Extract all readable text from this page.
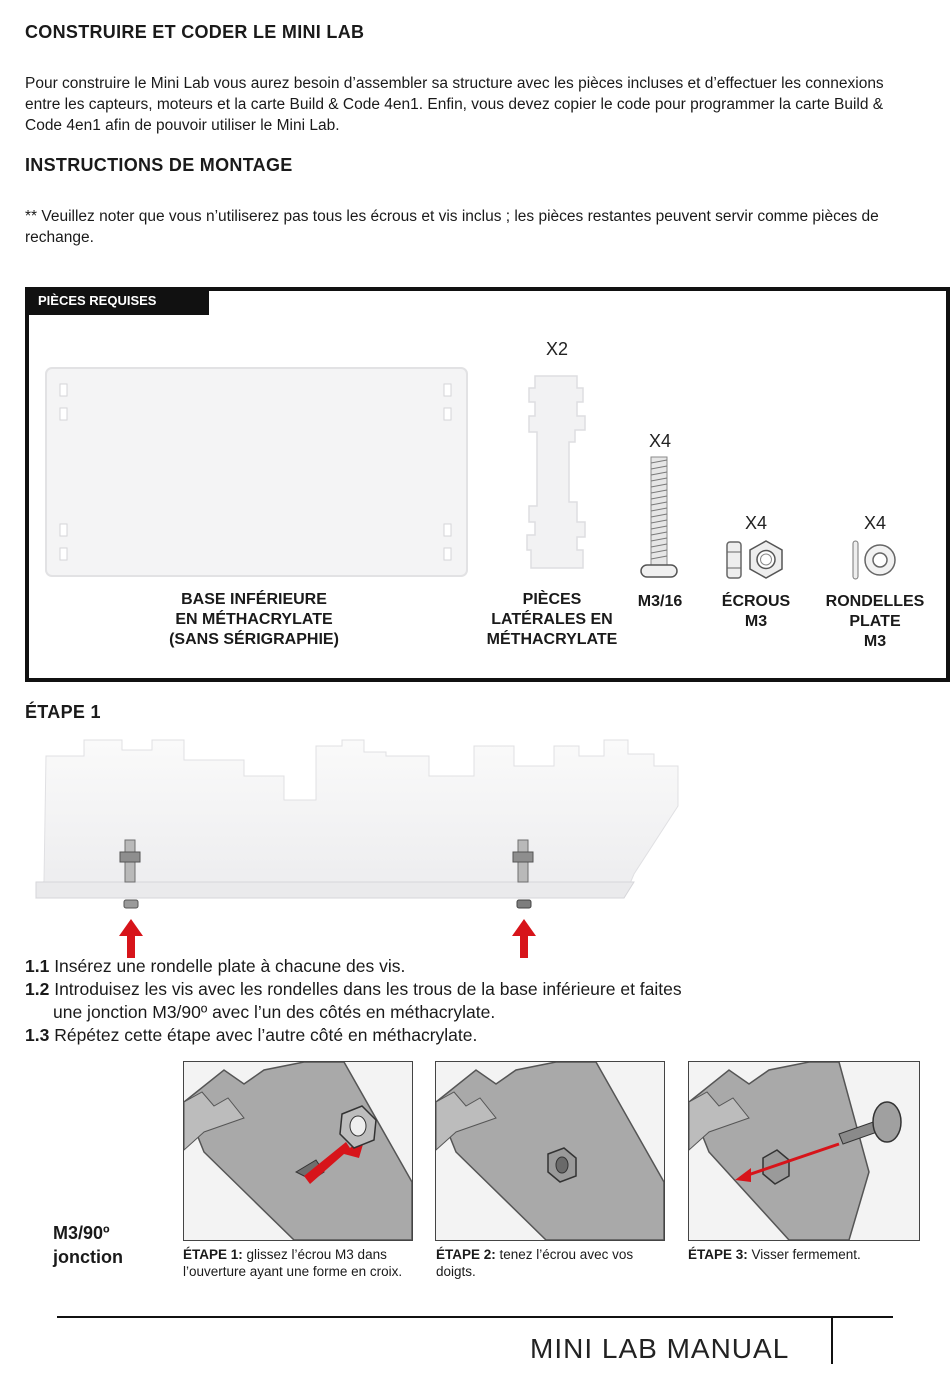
CONSTRUIRE ET CODER LE MINI LAB
Pour construire le Mini Lab vous aurez besoin d’assembler sa structure avec les pièces incluses et d’effectuer les connexions entre les capteurs, moteurs et la carte Build & Code 4en1. Enfin, vous devez copier le code pour programmer la carte Build & Code 4en1 afin de pouvoir utiliser le Mini Lab.
INSTRUCTIONS DE MONTAGE
** Veuillez noter que vous n’utiliserez pas tous les écrous et vis inclus ; les pièces restantes peuvent servir comme pièces de rechange.
PIÈCES REQUISES
BASE INFÉRIEURE
EN MÉTHACRYLATE
(SANS SÉRIGRAPHIE)
X2
PIÈCES
LATÉRALES EN
MÉTHACRYLATE
X4
M3/16
X4
ÉCROUS
M3
X4
RONDELLES
PLATE
M3
ÉTAPE 1
1.1 Insérez une rondelle plate à chacune des vis.
1.2 Introduisez les vis avec les rondelles dans les trous de la base inférieure et faites
une jonction M3/90º avec l’un des côtés en méthacrylate.
1.3 Répétez cette étape avec l’autre côté en méthacrylate.
M3/90º
jonction	ÉTAPE 1: glissez l’écrou M3 dans l’ouverture ayant une forme en croix.
ÉTAPE 2: tenez l’écrou avec vos doigts.
ÉTAPE 3: Visser fermement.
MINI LAB MANUAL
